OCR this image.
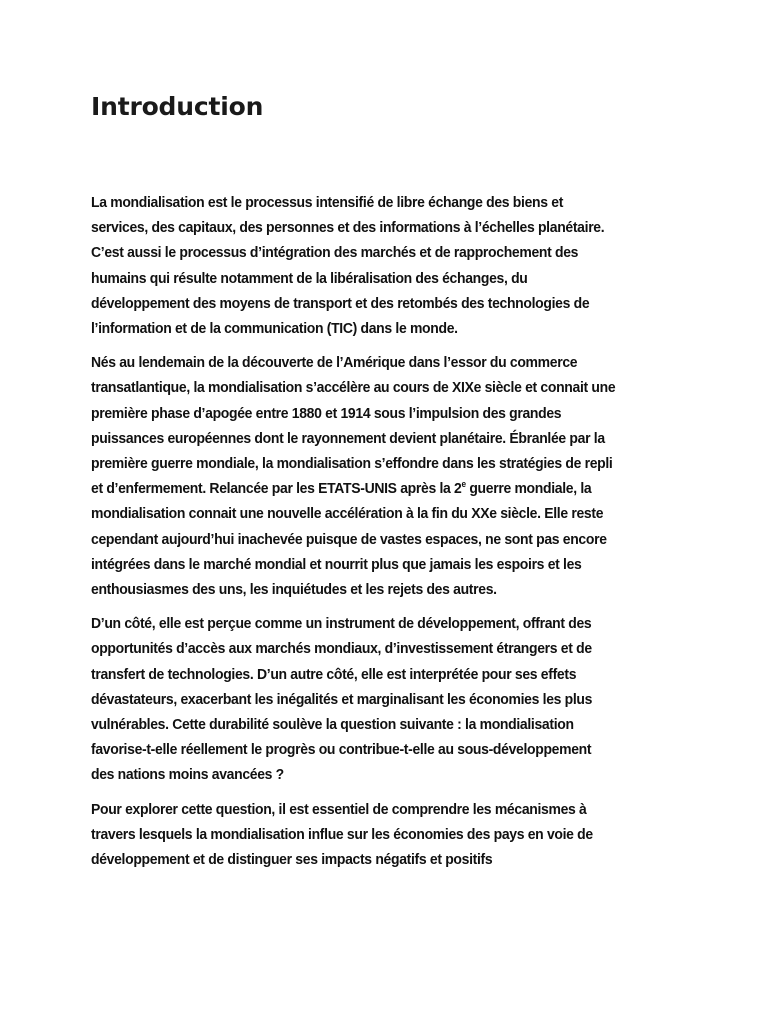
Introduction

La mondialisation est le processus intensifié de libre échange des biens et
services, des capitaux, des personnes et des informations à l’échelles planétaire.
C’est aussi le processus d’intégration des marchés et de rapprochement des
humains qui résulte notamment de la libéralisation des échanges, du
développement des moyens de transport et des retombés des technologies de
l’information et de la communication (TIC) dans le monde.

Nés au lendemain de la découverte de l’Amérique dans l’essor du commerce
transatlantique, la mondialisation s’accélère au cours de XIXe siècle et connait une
première phase d’apogée entre 1880 et 1914 sous l’impulsion des grandes
puissances européennes dont le rayonnement devient planétaire. Ébranlée par la
première guerre mondiale, la mondialisation s’effondre dans les stratégies de repli
et d’enfermement. Relancée par les ETATS-UNIS après la 2e guerre mondiale, la
mondialisation connait une nouvelle accélération à la fin du XXe siècle. Elle reste
cependant aujourd’hui inachevée puisque de vastes espaces, ne sont pas encore
intégrées dans le marché mondial et nourrit plus que jamais les espoirs et les
enthousiasmes des uns, les inquiétudes et les rejets des autres.

D’un côté, elle est perçue comme un instrument de développement, offrant des
opportunités d’accès aux marchés mondiaux, d’investissement étrangers et de
transfert de technologies. D’un autre côté, elle est interprétée pour ses effets
dévastateurs, exacerbant les inégalités et marginalisant les économies les plus
vulnérables. Cette durabilité soulève la question suivante : la mondialisation
favorise-t-elle réellement le progrès ou contribue-t-elle au sous-développement
des nations moins avancées ?

Pour explorer cette question, il est essentiel de comprendre les mécanismes à
travers lesquels la mondialisation influe sur les économies des pays en voie de
développement et de distinguer ses impacts négatifs et positifs
